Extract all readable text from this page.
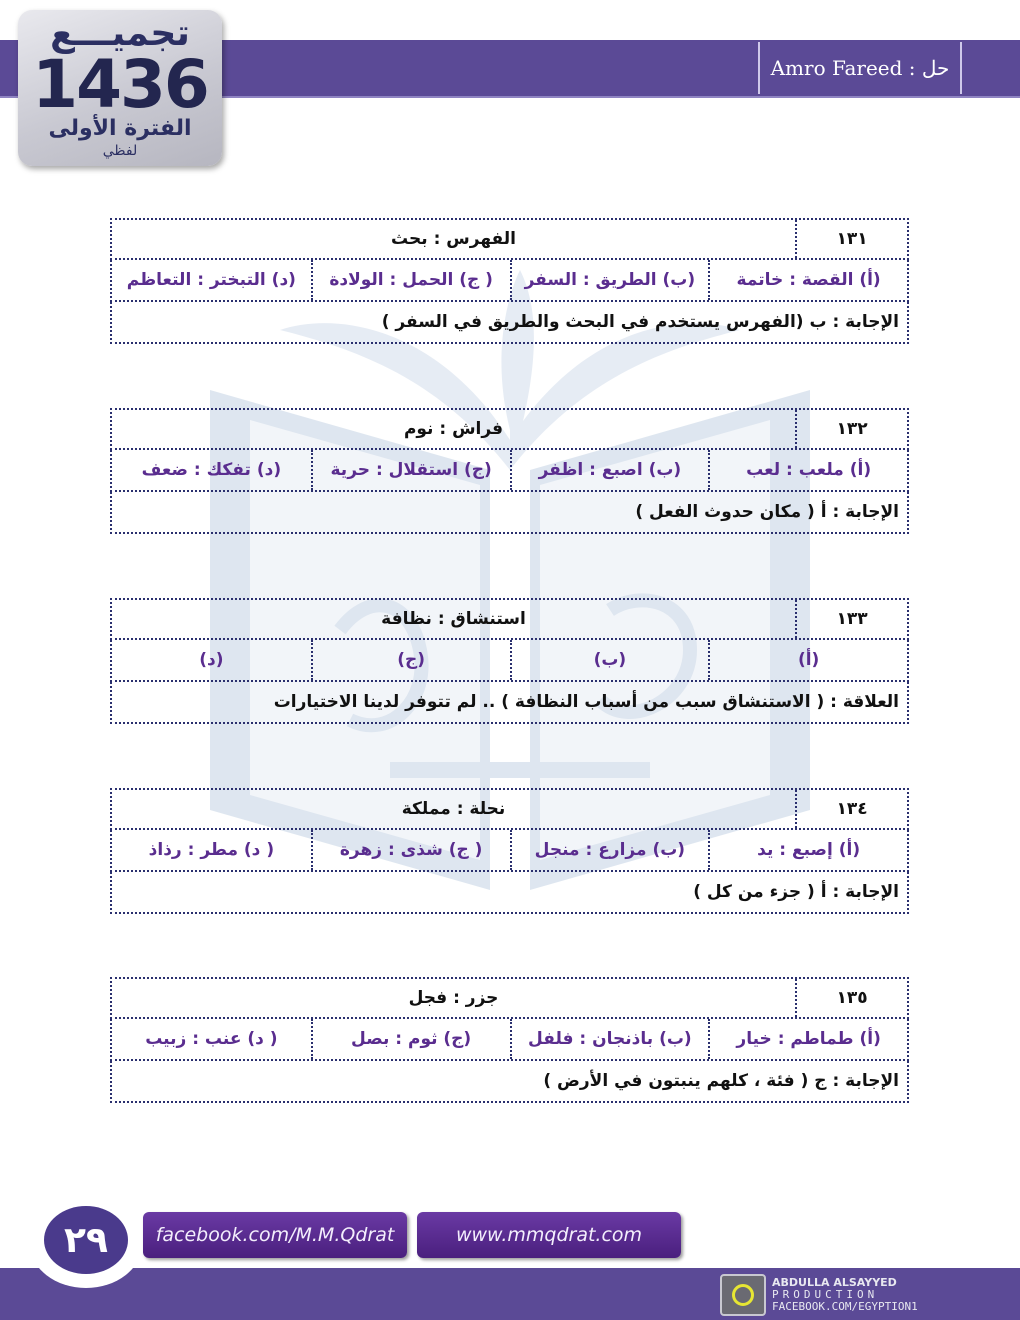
حل : Amro Fareed
تجميـــع
1436
الفترة الأولى
لفظي
١٣١
الفهرس : بحث
(أ) القصة : خاتمة
(ب) الطريق : السفر
( ج) الحمل : الولادة
(د) التبختر : التعاظم
الإجابة : ب (الفهرس يستخدم في البحث والطريق في السفر )
١٣٢
فراش : نوم
(أ) ملعب : لعب
(ب) اصبع : اظفر
(ج) استقلال : حرية
(د) تفكك : ضعف
الإجابة : أ ( مكان حدوث الفعل )
١٣٣
استنشاق : نظافة
(أ)
(ب)
(ج)
(د)
العلاقة : ( الاستنشاق سبب من أسباب النظافة ) .. لم تتوفر لدينا الاختيارات
١٣٤
نحلة : مملكة
(أ) إصبع : يد
(ب) مزارع : منجل
( ج) شذى : زهرة
( د) مطر : رذاذ
الإجابة : أ ( جزء من كل )
١٣٥
جزر : فجل
(أ) طماطم : خيار
(ب) باذنجان : فلفل
(ج) ثوم : بصل
( د) عنب : زبيب
الإجابة : ج ( فئة ، كلهم ينبتون في الأرض )
٢٩	facebook.com/M.M.Qdrat	www.mmqdrat.com
ABDULLA ALSAYYED
PRODUCTION
FACEBOOK.COM/EGYPTION1
